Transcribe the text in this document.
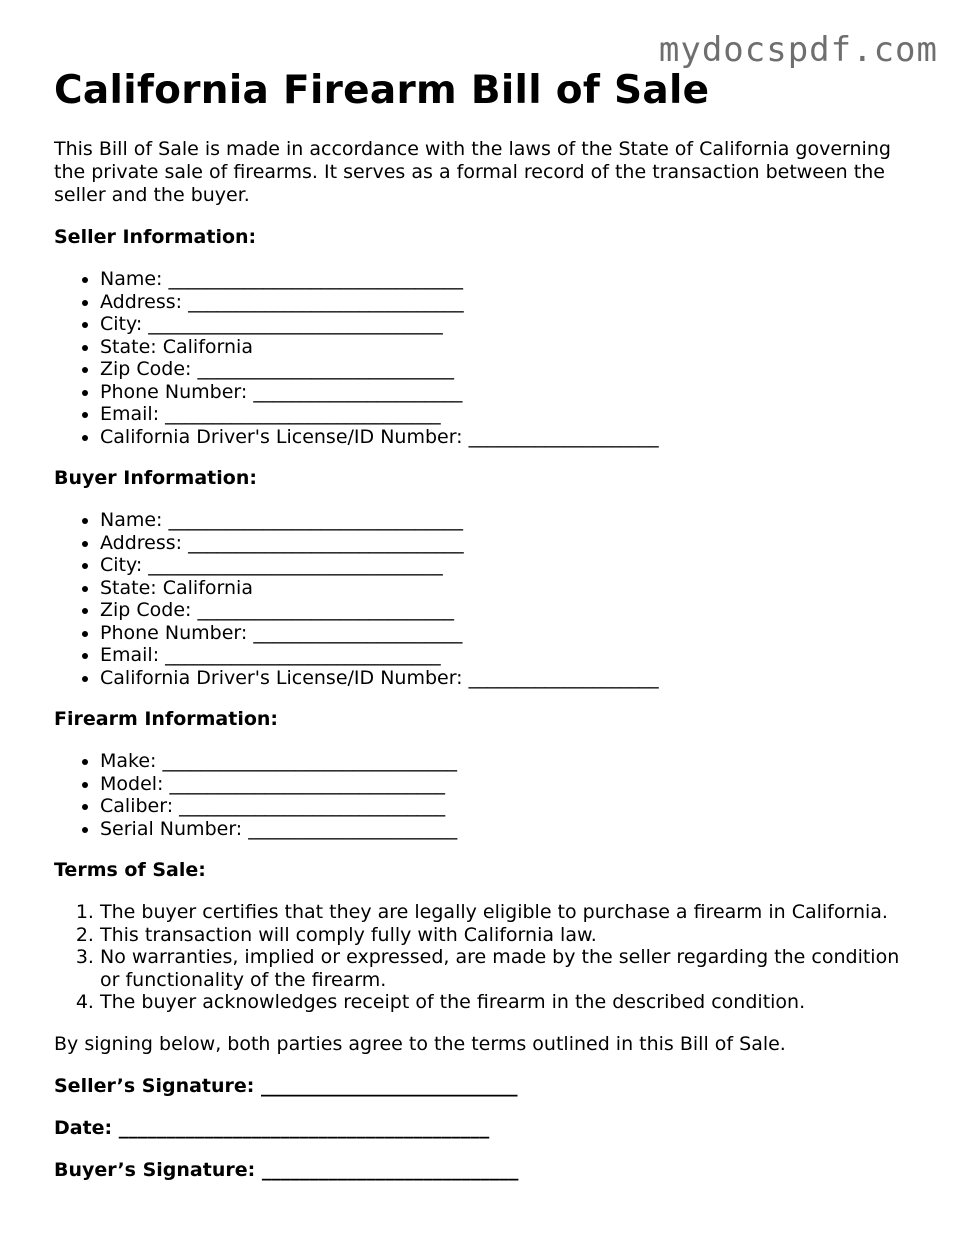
mydocspdf.com
California Firearm Bill of Sale

This Bill of Sale is made in accordance with the laws of the State of California governing the private sale of firearms. It serves as a formal record of the transaction between the seller and the buyer.

Seller Information:

• Name: _______________________________
• Address: _____________________________
• City: _______________________________
• State: California
• Zip Code: ___________________________
• Phone Number: ______________________
• Email: _____________________________
• California Driver's License/ID Number: ____________________

Buyer Information:

• Name: _______________________________
• Address: _____________________________
• City: _______________________________
• State: California
• Zip Code: ___________________________
• Phone Number: ______________________
• Email: _____________________________
• California Driver's License/ID Number: ____________________

Firearm Information:

• Make: _______________________________
• Model: _____________________________
• Caliber: ____________________________
• Serial Number: ______________________

Terms of Sale:

1. The buyer certifies that they are legally eligible to purchase a firearm in California.
2. This transaction will comply fully with California law.
3. No warranties, implied or expressed, are made by the seller regarding the condition or functionality of the firearm.
4. The buyer acknowledges receipt of the firearm in the described condition.

By signing below, both parties agree to the terms outlined in this Bill of Sale.

Seller’s Signature: ___________________________

Date: _______________________________________

Buyer’s Signature: ___________________________
